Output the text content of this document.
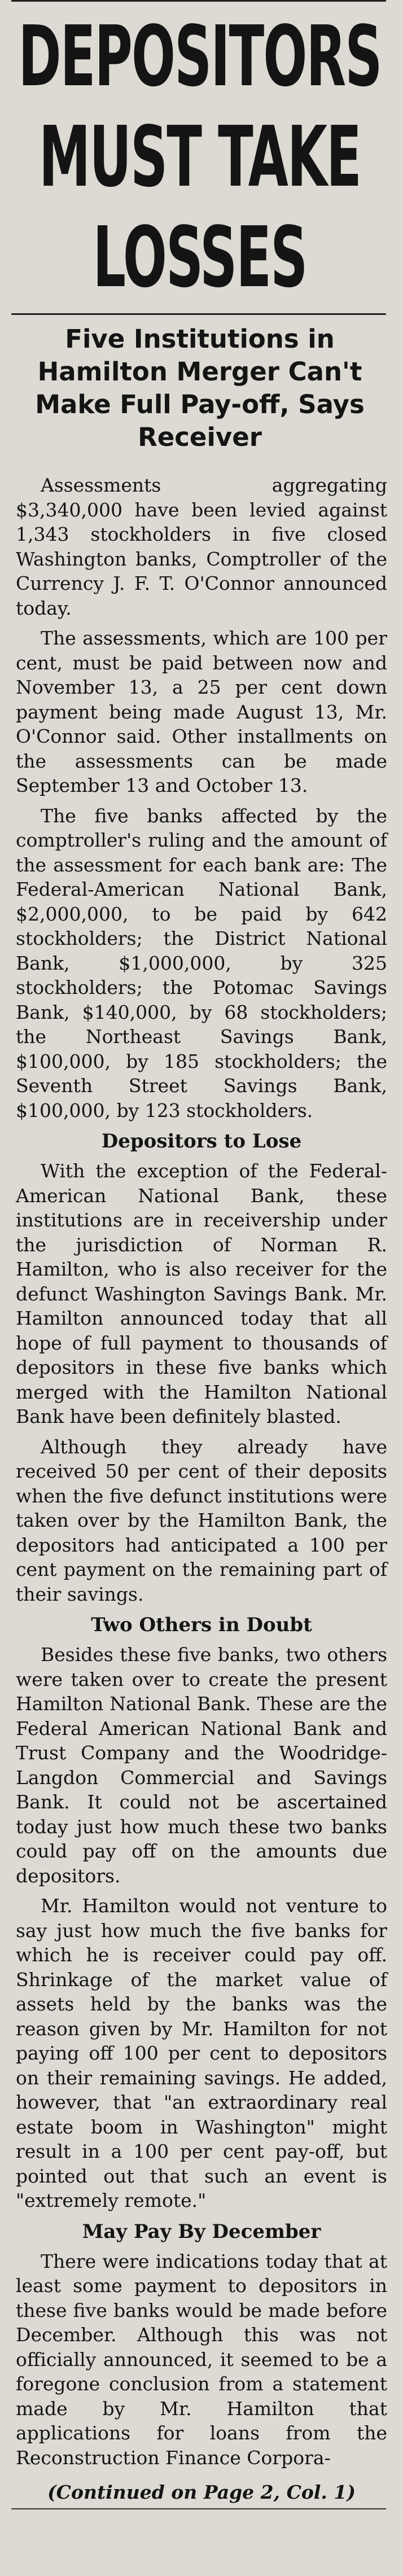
DEPOSITORS
MUST TAKE
LOSSES
Five Institutions in Hamilton Merger Can't Make Full Pay-off, Says Receiver

Assessments aggregating $3,340,000 have been levied against 1,343 stockholders in five closed Washington banks, Comptroller of the Currency J. F. T. O'Connor announced today.

The assessments, which are 100 per cent, must be paid between now and November 13, a 25 per cent down payment being made August 13, Mr. O'Connor said. Other installments on the assessments can be made September 13 and October 13.

The five banks affected by the comptroller's ruling and the amount of the assessment for each bank are: The Federal-American National Bank, $2,000,000, to be paid by 642 stockholders; the District National Bank, $1,000,000, by 325 stockholders; the Potomac Savings Bank, $140,000, by 68 stockholders; the Northeast Savings Bank, $100,000, by 185 stockholders; the Seventh Street Savings Bank, $100,000, by 123 stockholders.

Depositors to Lose

With the exception of the Federal-American National Bank, these institutions are in receivership under the jurisdiction of Norman R. Hamilton, who is also receiver for the defunct Washington Savings Bank. Mr. Hamilton announced today that all hope of full payment to thousands of depositors in these five banks which merged with the Hamilton National Bank have been definitely blasted.

Although they already have received 50 per cent of their deposits when the five defunct institutions were taken over by the Hamilton Bank, the depositors had anticipated a 100 per cent payment on the remaining part of their savings.

Two Others in Doubt

Besides these five banks, two others were taken over to create the present Hamilton National Bank. These are the Federal American National Bank and Trust Company and the Woodridge-Langdon Commercial and Savings Bank. It could not be ascertained today just how much these two banks could pay off on the amounts due depositors.

Mr. Hamilton would not venture to say just how much the five banks for which he is receiver could pay off. Shrinkage of the market value of assets held by the banks was the reason given by Mr. Hamilton for not paying off 100 per cent to depositors on their remaining savings. He added, however, that "an extraordinary real estate boom in Washington" might result in a 100 per cent pay-off, but pointed out that such an event is "extremely remote."

May Pay By December

There were indications today that at least some payment to depositors in these five banks would be made before December. Although this was not officially announced, it seemed to be a foregone conclusion from a statement made by Mr. Hamilton that applications for loans from the Reconstruction Finance Corpora-

(Continued on Page 2, Col. 1)
